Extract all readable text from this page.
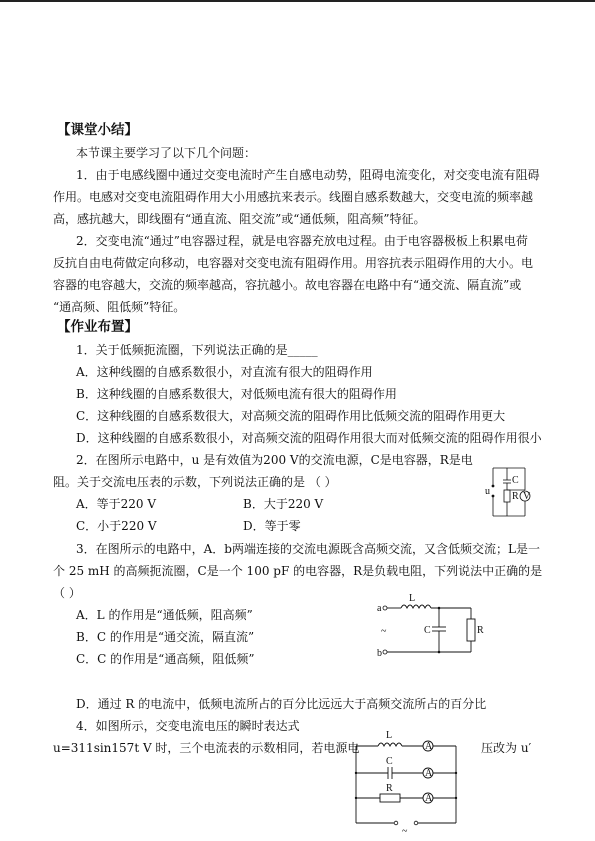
【课堂小结】
本节课主要学习了以下几个问题：
1．由于电感线圈中通过交变电流时产生自感电动势，阻碍电流变化，对交变电流有阻碍
作用。电感对交变电流阻碍作用大小用感抗来表示。线圈自感系数越大，交变电流的频率越
高，感抗越大，即线圈有“通直流、阻交流”或“通低频，阻高频”特征。
2．交变电流“通过”电容器过程，就是电容器充放电过程。由于电容器极板上积累电荷
反抗自由电荷做定向移动，电容器对交变电流有阻碍作用。用容抗表示阻碍作用的大小。电
容器的电容越大，交流的频率越高，容抗越小。故电容器在电路中有“通交流、隔直流”或
“通高频、阻低频”特征。
【作业布置】
1．关于低频扼流圈，下列说法正确的是_____
A．这种线圈的自感系数很小，对直流有很大的阻碍作用
B．这种线圈的自感系数很大，对低频电流有很大的阻碍作用
C．这种线圈的自感系数很大，对高频交流的阻碍作用比低频交流的阻碍作用更大
D．这种线圈的自感系数很小，对高频交流的阻碍作用很大而对低频交流的阻碍作用很小
2．在图所示电路中，u 是有效值为200 V的交流电源，C是电容器，R是电
阻。关于交流电压表的示数，下列说法正确的是 （ ）
A．等于220 V	B．大于220 V
C．小于220 V	D．等于零
u
C
R V
3．在图所示的电路中，A．b两端连接的交流电源既含高频交流，又含低频交流；L是一
个 25 mH 的高频扼流圈，C是一个 100 pF 的电容器，R是负载电阻，下列说法中正确的是
（ ）
A．L 的作用是“通低频，阻高频”
B．C 的作用是“通交流，隔直流”
C．C 的作用是“通高频，阻低频”
D．通过 R 的电流中，低频电流所占的百分比远远大于高频交流所占的百分比
a
b
L
C	R
~
4．如图所示，交变电流电压的瞬时表达式
u=311sin157t V 时，三个电流表的示数相同，若电源电	压改为 u′
L
C
R
A
A
A
~
